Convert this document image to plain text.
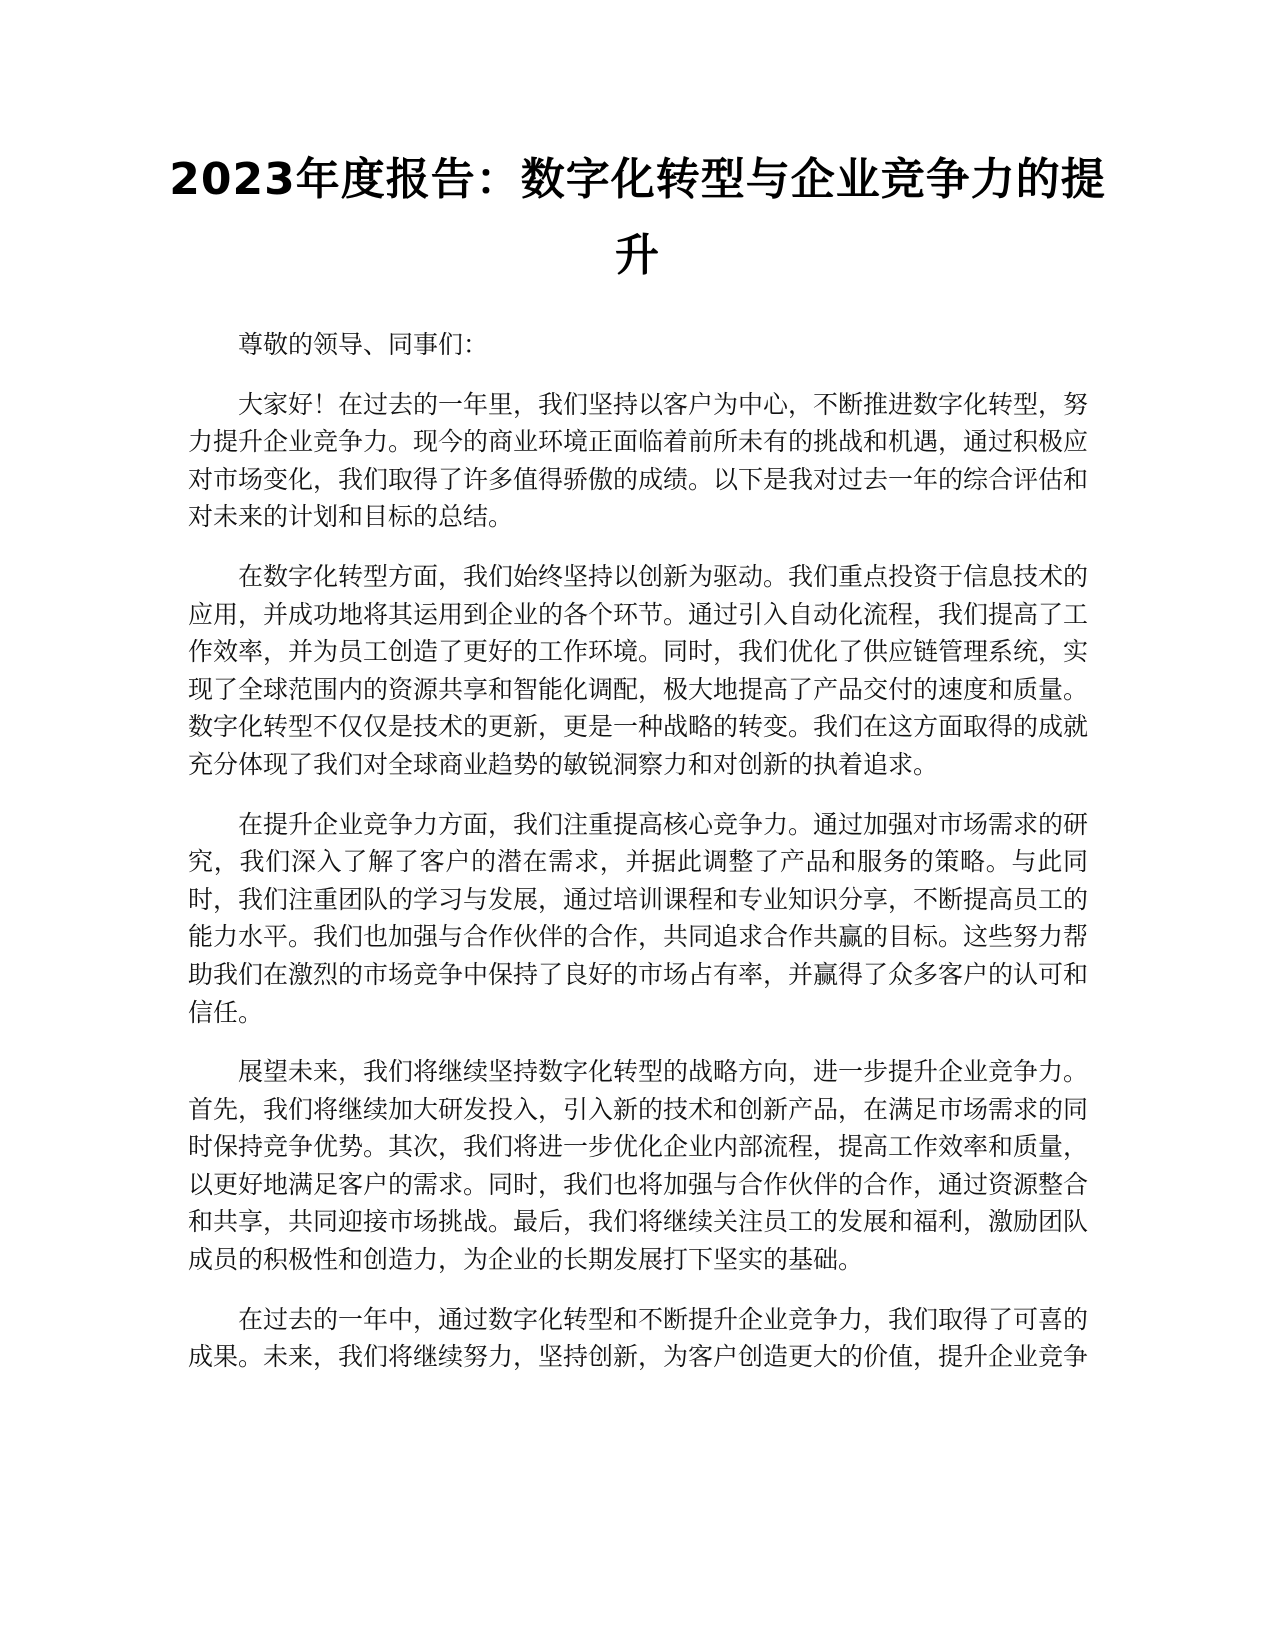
2023年度报告：数字化转型与企业竞争力的提升

尊敬的领导、同事们：

大家好！在过去的一年里，我们坚持以客户为中心，不断推进数字化转型，努力提升企业竞争力。现今的商业环境正面临着前所未有的挑战和机遇，通过积极应对市场变化，我们取得了许多值得骄傲的成绩。以下是我对过去一年的综合评估和对未来的计划和目标的总结。

在数字化转型方面，我们始终坚持以创新为驱动。我们重点投资于信息技术的应用，并成功地将其运用到企业的各个环节。通过引入自动化流程，我们提高了工作效率，并为员工创造了更好的工作环境。同时，我们优化了供应链管理系统，实现了全球范围内的资源共享和智能化调配，极大地提高了产品交付的速度和质量。数字化转型不仅仅是技术的更新，更是一种战略的转变。我们在这方面取得的成就充分体现了我们对全球商业趋势的敏锐洞察力和对创新的执着追求。

在提升企业竞争力方面，我们注重提高核心竞争力。通过加强对市场需求的研究，我们深入了解了客户的潜在需求，并据此调整了产品和服务的策略。与此同时，我们注重团队的学习与发展，通过培训课程和专业知识分享，不断提高员工的能力水平。我们也加强与合作伙伴的合作，共同追求合作共赢的目标。这些努力帮助我们在激烈的市场竞争中保持了良好的市场占有率，并赢得了众多客户的认可和信任。

展望未来，我们将继续坚持数字化转型的战略方向，进一步提升企业竞争力。首先，我们将继续加大研发投入，引入新的技术和创新产品，在满足市场需求的同时保持竞争优势。其次，我们将进一步优化企业内部流程，提高工作效率和质量，以更好地满足客户的需求。同时，我们也将加强与合作伙伴的合作，通过资源整合和共享，共同迎接市场挑战。最后，我们将继续关注员工的发展和福利，激励团队成员的积极性和创造力，为企业的长期发展打下坚实的基础。

在过去的一年中，通过数字化转型和不断提升企业竞争力，我们取得了可喜的成果。未来，我们将继续努力，坚持创新，为客户创造更大的价值，提升企业竞争
